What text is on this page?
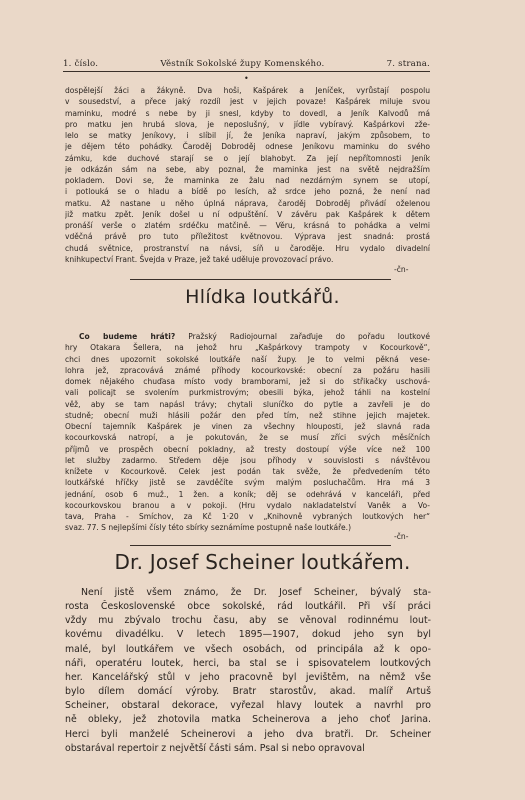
1. číslo.	Věstník Sokolské župy Komenského.	7. strana.
•
dospělejší žáci a žákyně. Dva hoši, Kašpárek a Jeníček, vyrůstají pospolu
v sousedství, a přece jaký rozdíl jest v jejich povaze! Kašpárek miluje svou
maminku, modré s nebe by ji snesl, kdyby to dovedl, a Jeník Kalvodů má
pro matku jen hrubá slova, je neposlušný, v jídle vybíravý. Kašpárkovi zže-
lelo se matky Jeníkovy, i slíbil jí, že Jeníka napraví, jakým způsobem, to
je dějem této pohádky. Čaroděj Dobroděj odnese Jeníkovu maminku do svého
zámku, kde duchové starají se o její blahobyt. Za její nepřítomnosti Jeník
je odkázán sám na sebe, aby poznal, že maminka jest na světě nejdražším
pokladem. Dovi se, že maminka ze žalu nad nezdárným synem se utopí,
i potlouká se o hladu a bídě po lesích, až srdce jeho pozná, že není nad
matku. Až nastane u něho úplná náprava, čaroděj Dobroděj přivádí oželenou
již matku zpět. Jeník došel u ní odpuštění. V závěru pak Kašpárek k dětem
pronáší verše o zlatém srdéčku matčině. — Věru, krásná to pohádka a velmi
vděčná právě pro tuto příležitost květnovou. Výprava jest snadná: prostá
chudá světnice, prostranství na návsi, síň u čaroděje. Hru vydalo divadelní
knihkupectví Frant. Švejda v Praze, jež také uděluje provozovací právo.
-čn-
Hlídka loutkářů.
Co budeme hráti? Pražský Radiojournal zařaďuje do pořadu loutkové
hry Otakara Šellera, na jehož hru „Kašpárkovy trampoty v Kocourkově“,
chci dnes upozornit sokolské loutkáře naší župy. Je to velmi pěkná vese-
lohra jež, zpracovává známé příhody kocourkovské: obecní za požáru hasili
domek nějakého chuďasa místo vody bramborami, jež si do střikačky uschová-
vali policajt se svolením purkmistrovým; obesili býka, jehož táhli na kostelní
věž, aby se tam napásl trávy; chytali sluníčko do pytle a zavřeli je do
studně; obecní muži hlásili požár den před tím, než stihne jejich majetek.
Obecní tajemník Kašpárek je vinen za všechny hlouposti, jež slavná rada
kocourkovská natropí, a je pokutován, že se musí zříci svých měsíčních
příjmů ve prospěch obecní pokladny, až tresty dostoupí výše více než 100
let služby zadarmo. Středem děje jsou příhody v souvislosti s návštěvou
knížete v Kocourkově. Celek jest podán tak svěže, že předvedením této
loutkářské hříčky jistě se zavděčíte svým malým posluchačům. Hra má 3
jednání, osob 6 muž., 1 žen. a koník; děj se odehrává v kanceláři, před
kocourkovskou branou a v pokoji. (Hru vydalo nakladatelství Vaněk a Vo-
tava, Praha - Smíchov, za Kč 1·20 v „Knihovně vybraných loutkových her“
svaz. 77. S nejlepšími čísly této sbírky seznámíme postupně naše loutkáře.)
-čn-
Dr. Josef Scheiner loutkářem.
Není jistě všem známo, že Dr. Josef Scheiner, bývalý sta-
rosta Československé obce sokolské, rád loutkářil. Při vší práci
vždy mu zbývalo trochu času, aby se věnoval rodinnému lout-
kovému divadélku. V letech 1895—1907, dokud jeho syn byl
malé, byl loutkářem ve všech osobách, od principála až k opo-
náři, operatéru loutek, herci, ba stal se i spisovatelem loutkových
her. Kancelářský stůl v jeho pracovně byl jevištěm, na němž vše
bylo dílem domácí výroby. Bratr starostův, akad. malíř Artuš
Scheiner, obstaral dekorace, vyřezal hlavy loutek a navrhl pro
ně obleky, jež zhotovila matka Scheinerova a jeho choť Jarina.
Herci byli manželé Scheinerovi a jeho dva bratři. Dr. Scheiner
obstarával repertoir z největší části sám. Psal si nebo opravoval
